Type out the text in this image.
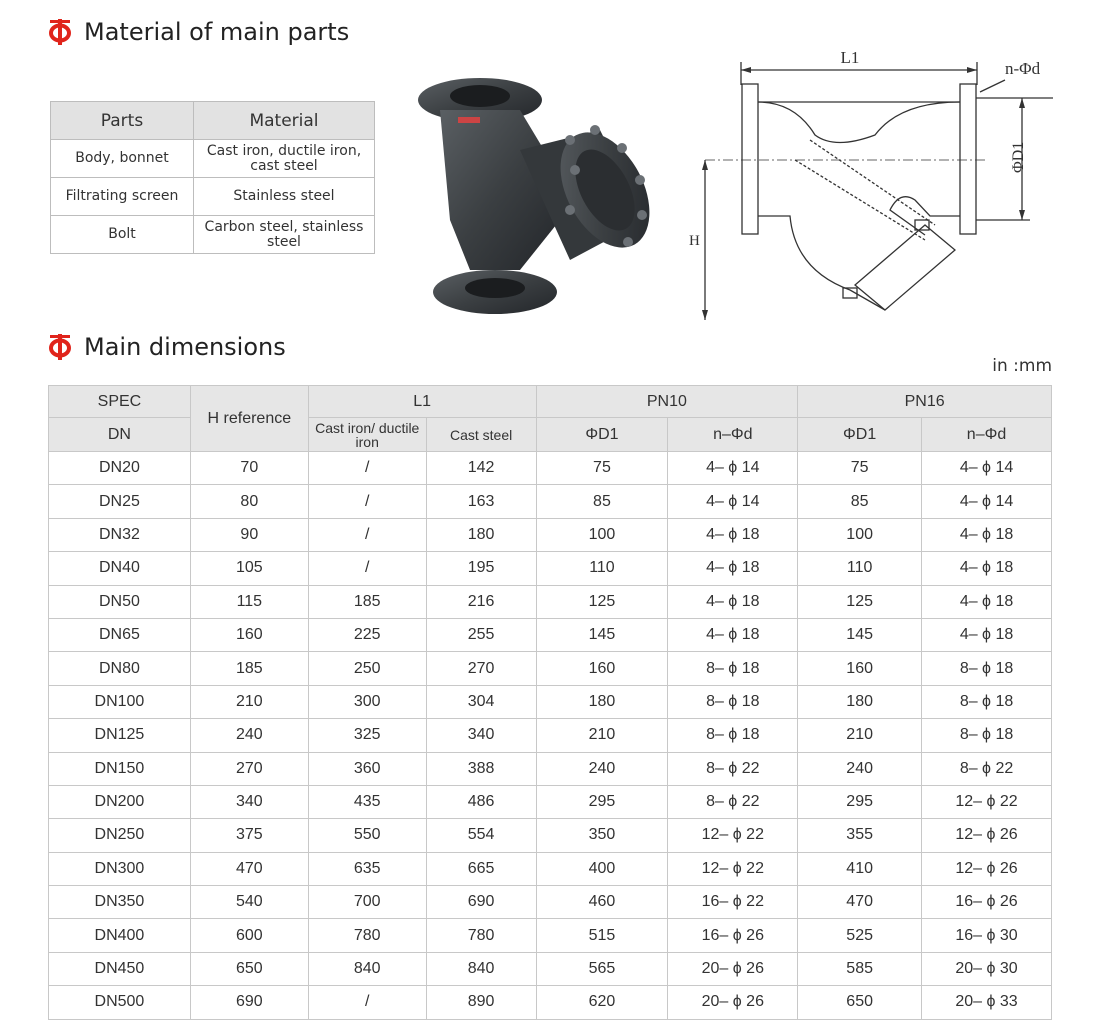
Material of main parts
Parts	Material
Body, bonnet	Cast iron, ductile iron, cast steel
Filtrating screen	Stainless steel
Bolt	Carbon steel, stainless steel
L1
n-Φd
H
ΦD1
Main dimensions
in :mm
SPEC	H reference	L1		PN10		PN16	
DN		Cast iron/ ductile iron	Cast steel	ΦD1	n–Φd	ΦD1	n–Φd
DN20	70	/	142	75	4– ϕ 14	75	4– ϕ 14
DN25	80	/	163	85	4– ϕ 14	85	4– ϕ 14
DN32	90	/	180	100	4– ϕ 18	100	4– ϕ 18
DN40	105	/	195	110	4– ϕ 18	110	4– ϕ 18
DN50	115	185	216	125	4– ϕ 18	125	4– ϕ 18
DN65	160	225	255	145	4– ϕ 18	145	4– ϕ 18
DN80	185	250	270	160	8– ϕ 18	160	8– ϕ 18
DN100	210	300	304	180	8– ϕ 18	180	8– ϕ 18
DN125	240	325	340	210	8– ϕ 18	210	8– ϕ 18
DN150	270	360	388	240	8– ϕ 22	240	8– ϕ 22
DN200	340	435	486	295	8– ϕ 22	295	12– ϕ 22
DN250	375	550	554	350	12– ϕ 22	355	12– ϕ 26
DN300	470	635	665	400	12– ϕ 22	410	12– ϕ 26
DN350	540	700	690	460	16– ϕ 22	470	16– ϕ 26
DN400	600	780	780	515	16– ϕ 26	525	16– ϕ 30
DN450	650	840	840	565	20– ϕ 26	585	20– ϕ 30
DN500	690	/	890	620	20– ϕ 26	650	20– ϕ 33
